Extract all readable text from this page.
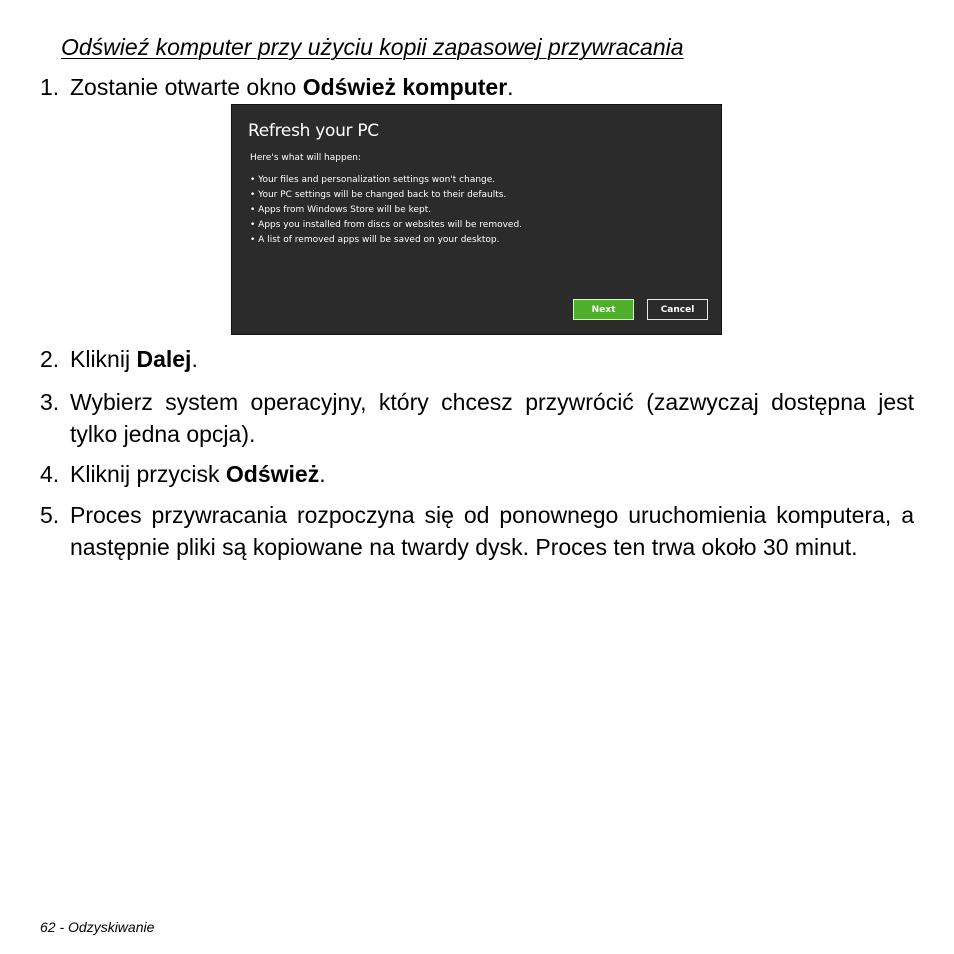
Odświeź komputer przy użyciu kopii zapasowej przywracania
1. Zostanie otwarte okno Odśwież komputer.
Refresh your PC
Here's what will happen:
• Your files and personalization settings won't change.
• Your PC settings will be changed back to their defaults.
• Apps from Windows Store will be kept.
• Apps you installed from discs or websites will be removed.
• A list of removed apps will be saved on your desktop.
Next	Cancel
2. Kliknij Dalej.
3. Wybierz system operacyjny, który chcesz przywrócić (zazwyczaj dostępna jest tylko jedna opcja).
4. Kliknij przycisk Odśwież.
5. Proces przywracania rozpoczyna się od ponownego uruchomienia komputera, a następnie pliki są kopiowane na twardy dysk. Proces ten trwa około 30 minut.
62 - Odzyskiwanie
